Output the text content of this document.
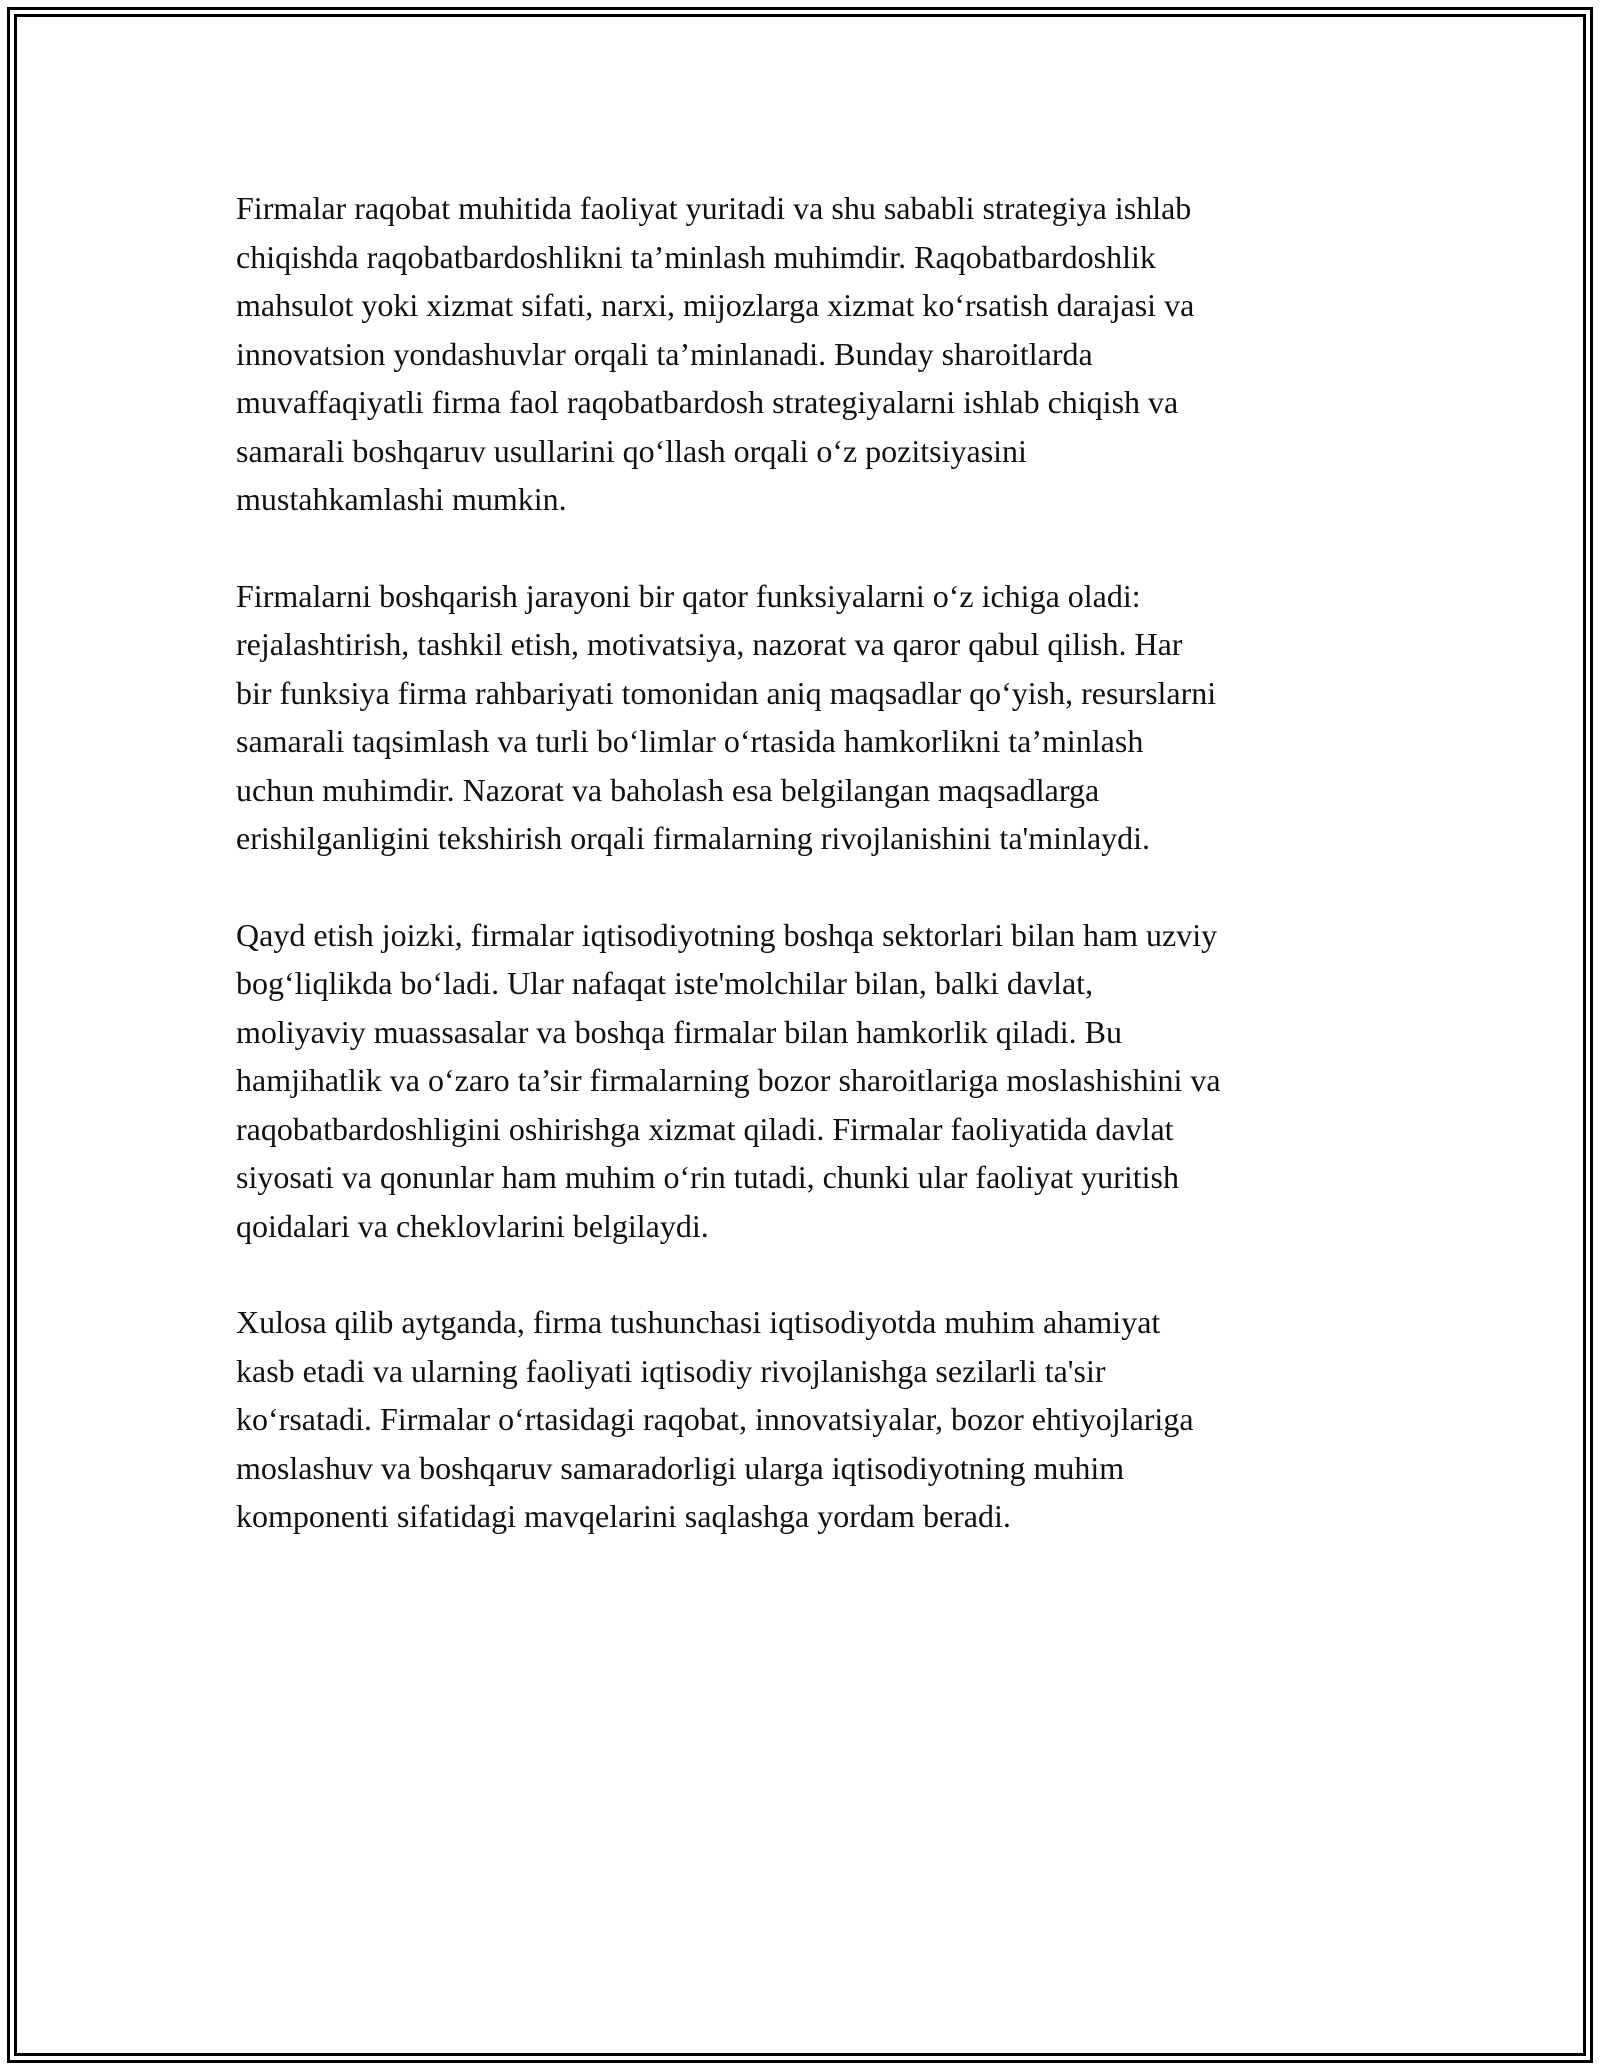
Firmalar raqobat muhitida faoliyat yuritadi va shu sababli strategiya ishlab
chiqishda raqobatbardoshlikni ta’minlash muhimdir. Raqobatbardoshlik
mahsulot yoki xizmat sifati, narxi, mijozlarga xizmat ko‘rsatish darajasi va
innovatsion yondashuvlar orqali ta’minlanadi. Bunday sharoitlarda
muvaffaqiyatli firma faol raqobatbardosh strategiyalarni ishlab chiqish va
samarali boshqaruv usullarini qo‘llash orqali o‘z pozitsiyasini
mustahkamlashi mumkin.

Firmalarni boshqarish jarayoni bir qator funksiyalarni o‘z ichiga oladi:
rejalashtirish, tashkil etish, motivatsiya, nazorat va qaror qabul qilish. Har
bir funksiya firma rahbariyati tomonidan aniq maqsadlar qo‘yish, resurslarni
samarali taqsimlash va turli bo‘limlar o‘rtasida hamkorlikni ta’minlash
uchun muhimdir. Nazorat va baholash esa belgilangan maqsadlarga
erishilganligini tekshirish orqali firmalarning rivojlanishini ta'minlaydi.

Qayd etish joizki, firmalar iqtisodiyotning boshqa sektorlari bilan ham uzviy
bog‘liqlikda bo‘ladi. Ular nafaqat iste'molchilar bilan, balki davlat,
moliyaviy muassasalar va boshqa firmalar bilan hamkorlik qiladi. Bu
hamjihatlik va o‘zaro ta’sir firmalarning bozor sharoitlariga moslashishini va
raqobatbardoshligini oshirishga xizmat qiladi. Firmalar faoliyatida davlat
siyosati va qonunlar ham muhim o‘rin tutadi, chunki ular faoliyat yuritish
qoidalari va cheklovlarini belgilaydi.

Xulosa qilib aytganda, firma tushunchasi iqtisodiyotda muhim ahamiyat
kasb etadi va ularning faoliyati iqtisodiy rivojlanishga sezilarli ta'sir
ko‘rsatadi. Firmalar o‘rtasidagi raqobat, innovatsiyalar, bozor ehtiyojlariga
moslashuv va boshqaruv samaradorligi ularga iqtisodiyotning muhim
komponenti sifatidagi mavqelarini saqlashga yordam beradi.
